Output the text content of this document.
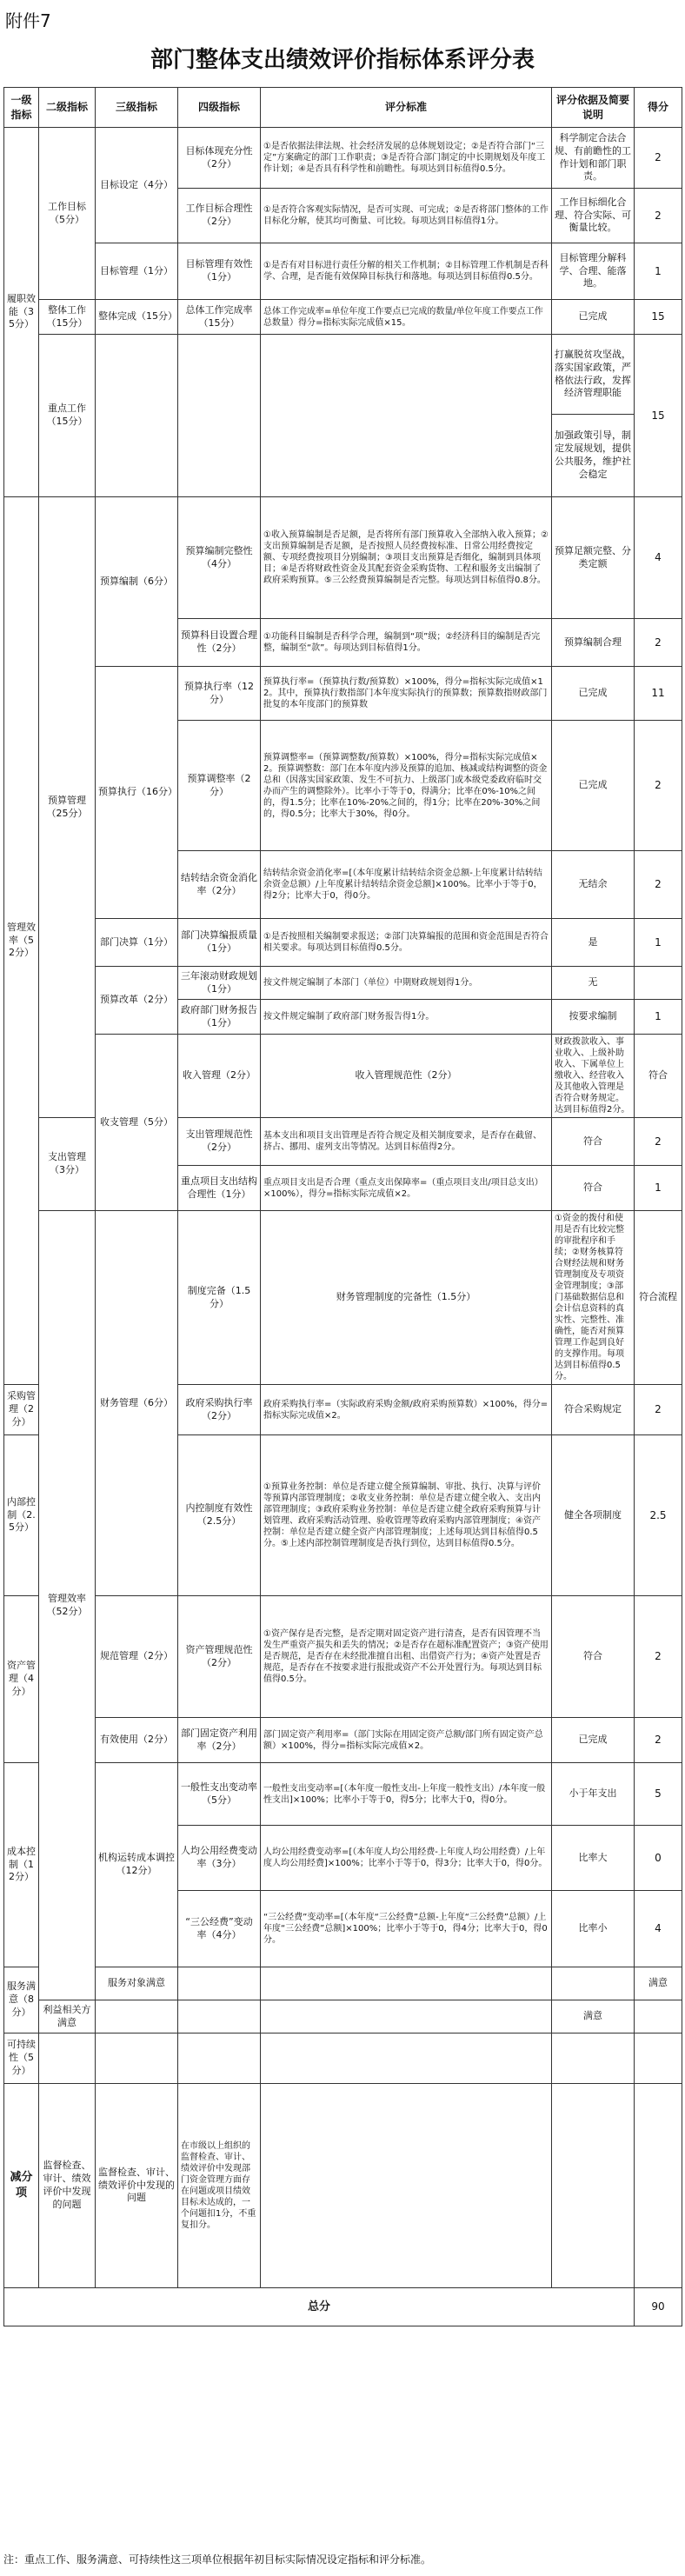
附件7
部门整体支出绩效评价指标体系评分表
一级指标	二级指标	三级指标	四级指标	评分标准	评分依据及简要说明	得分	
履职效能（35分）	工作目标（5分）	目标设定（4分）	目标体现充分性（2分）	①是否依据法律法规、社会经济发展的总体规划设定；②是否符合部门“三定”方案确定的部门工作职责；③是否符合部门制定的中长期规划及年度工作计划；④是否具有科学性和前瞻性。每项达到目标值得0.5分。	科学制定合法合规、有前瞻性的工作计划和部门职责。	2	
			工作目标合理性（2分）	①是否符合客观实际情况，是否可实现、可完成；②是否将部门整体的工作目标化分解，使其均可衡量、可比较。每项达到目标值得1分。	工作目标细化合理、符合实际、可衡量比较。	2	
		目标管理（1分）	目标管理有效性（1分）	①是否有对目标进行责任分解的相关工作机制；②目标管理工作机制是否科学、合理，是否能有效保障目标执行和落地。每项达到目标值得0.5分。	目标管理分解科学、合理、能落地。	1	
	整体工作（15分）	整体完成（15分）	总体工作完成率（15分）	总体工作完成率=单位年度工作要点已完成的数量/单位年度工作要点工作总数量）得分=指标实际完成值×15。	已完成	15	
	重点工作（15分）				打赢脱贫攻坚战，落实国家政策，严格依法行政，发挥经济管理职能	15	
					加强政策引导，制定发展规划，提供公共服务，维护社会稳定		
管理效率（52分）	预算管理（25分）	预算编制（6分）	预算编制完整性（4分）	①收入预算编制是否足额，是否将所有部门预算收入全部纳入收入预算；②支出预算编制是否足额，是否按照人员经费按标准、日常公用经费按定额、专项经费按项目分别编制；③项目支出预算是否细化，编制到具体项目；④是否将财政性资金及其配套资金采购货物、工程和服务支出编制了政府采购预算。⑤三公经费预算编制是否完整。每项达到目标值得0.8分。	预算足额完整、分类定额	4	
			预算科目设置合理性（2分）	①功能科目编制是否科学合理，编制到“项”级；②经济科目的编制是否完整，编制至“款”。每项达到目标值得1分。	预算编制合理	2	
		预算执行（16分）	预算执行率（12分）	预算执行率=（预算执行数/预算数）×100%，得分=指标实际完成值×12。其中，预算执行数指部门本年度实际执行的预算数；预算数指财政部门批复的本年度部门的预算数	已完成	11	
			预算调整率（2分）	预算调整率=（预算调整数/预算数）×100%，得分=指标实际完成值×2。预算调整数：部门在本年度内涉及预算的追加、核减或结构调整的资金总和（因落实国家政策、发生不可抗力、上级部门或本级党委政府临时交办而产生的调整除外）。比率小于等于0，得满分；比率在0%-10%之间的，得1.5分；比率在10%-20%之间的，得1分；比率在20%-30%之间的，得0.5分；比率大于30%，得0分。	已完成	2	
			结转结余资金消化率（2分）	结转结余资金消化率=[（本年度累计结转结余资金总额-上年度累计结转结余资金总额）/上年度累计结转结余资金总额]×100%。比率小于等于0，得2分；比率大于0，得0分。	无结余	2	
		部门决算（1分）	部门决算编报质量（1分）	①是否按照相关编制要求报送；②部门决算编报的范围和资金范围是否符合相关要求。每项达到目标值得0.5分。	是	1	
		预算改革（2分）	三年滚动财政规划（1分）	按文件规定编制了本部门（单位）中期财政规划得1分。	无		
			政府部门财务报告（1分）	按文件规定编制了政府部门财务报告得1分。	按要求编制	1	
		收支管理（5分）	收入管理（2分）	收入管理规范性（2分）	财政拨款收入、事业收入、上级补助收入、下属单位上缴收入、经营收入及其他收入管理是否符合财务规定。达到目标值得2分。	符合	
	支出管理（3分）		支出管理规范性（2分）	基本支出和项目支出管理是否符合规定及相关制度要求，是否存在截留、挤占、挪用、虚列支出等情况。达到目标值得2分。	符合	2	
			重点项目支出结构合理性（1分）	重点项目支出是否合理（重点支出保障率=（重点项目支出/项目总支出）×100%），得分=指标实际完成值×2。	符合	1	
	管理效率（52分）	财务管理（6分）	制度完备（1.5分）	财务管理制度的完备性（1.5分）	①资金的拨付和使用是否有比较完整的审批程序和手续；②财务核算符合财经法规和财务管理制度及专项资金管理制度；③部门基础数据信息和会计信息资料的真实性、完整性、准确性，能否对预算管理工作起到良好的支撑作用。每项达到目标值得0.5分。	符合流程	
采购管理（2分）			政府采购执行率（2分）	政府采购执行率=（实际政府采购金额/政府采购预算数）×100%，得分=指标实际完成值×2。	符合采购规定	2	
内部控制（2.5分）			内控制度有效性（2.5分）	①预算业务控制：单位是否建立健全预算编制、审批、执行、决算与评价等预算内部管理制度；②收支业务控制：单位是否建立健全收入、支出内部管理制度；③政府采购业务控制：单位是否建立健全政府采购预算与计划管理、政府采购活动管理、验收管理等政府采购内部管理制度；④资产控制：单位是否建立健全资产内部管理制度；上述每项达到目标值得0.5分。⑤上述内部控制管理制度是否执行到位，达到目标值得0.5分。	健全各项制度	2.5	
资产管理（4分）		规范管理（2分）	资产管理规范性（2分）	①资产保存是否完整，是否定期对固定资产进行清查，是否有因管理不当发生严重资产损失和丢失的情况；②是否存在超标准配置资产；③资产使用是否规范，是否存在未经批准擅自出租、出借资产行为；④资产处置是否规范，是否存在不按要求进行报批或资产不公开处置行为。每项达到目标值得0.5分。	符合	2	
		有效使用（2分）	部门固定资产利用率（2分）	部门固定资产利用率=（部门实际在用固定资产总额/部门所有固定资产总额）×100%，得分=指标实际完成值×2。	已完成	2	
成本控制（12分）		机构运转成本调控（12分）	一般性支出变动率（5分）	一般性支出变动率=[（本年度一般性支出-上年度一般性支出）/本年度一般性支出]×100%；比率小于等于0，得5分；比率大于0，得0分。	小于年支出	5	
			人均公用经费变动率（3分）	人均公用经费变动率=[（本年度人均公用经费-上年度人均公用经费）/上年度人均公用经费]×100%；比率小于等于0，得3分；比率大于0，得0分。	比率大	0	
			“三公经费”变动率（4分）	“三公经费”变动率=[（本年度“三公经费”总额-上年度“三公经费”总额）/上年度“三公经费”总额]×100%；比率小于等于0，得4分；比率大于0，得0分。	比率小	4	
服务满意（8分）		服务对象满意				满意	
	利益相关方满意				满意		
可持续性（5分）							
减分项	监督检查、审计、绩效评价中发现的问题	监督检查、审计、绩效评价中发现的问题	在市级以上组织的监督检查、审计、绩效评价中发现部门资金管理方面存在问题或项目绩效目标未达成的，一个问题扣1分，不重复扣分。				
总分						90	
注：重点工作、服务满意、可持续性这三项单位根据年初目标实际情况设定指标和评分标准。
